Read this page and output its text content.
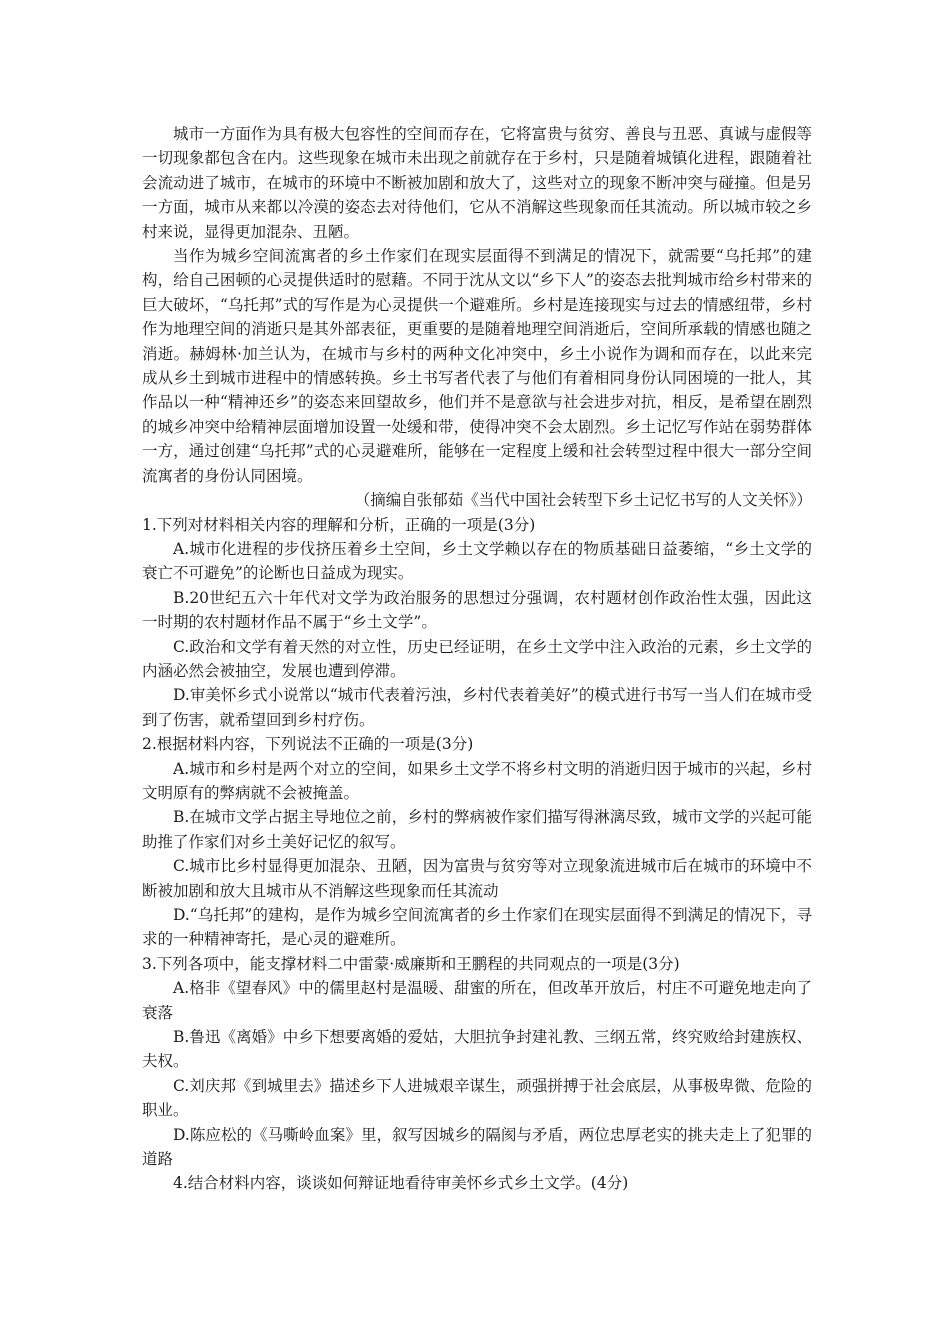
城市一方面作为具有极大包容性的空间而存在，它将富贵与贫穷、善良与丑恶、真诚与虚假等一切现象都包含在内。这些现象在城市未出现之前就存在于乡村，只是随着城镇化进程，跟随着社会流动进了城市，在城市的环境中不断被加剧和放大了，这些对立的现象不断冲突与碰撞。但是另一方面，城市从来都以冷漠的姿态去对待他们，它从不消解这些现象而任其流动。所以城市较之乡村来说，显得更加混杂、丑陋。

当作为城乡空间流寓者的乡土作家们在现实层面得不到满足的情况下，就需要“乌托邦”的建构，给自己困顿的心灵提供适时的慰藉。不同于沈从文以“乡下人”的姿态去批判城市给乡村带来的巨大破坏，“乌托邦”式的写作是为心灵提供一个避难所。乡村是连接现实与过去的情感纽带，乡村作为地理空间的消逝只是其外部表征，更重要的是随着地理空间消逝后，空间所承载的情感也随之消逝。赫姆林·加兰认为，在城市与乡村的两种文化冲突中，乡土小说作为调和而存在，以此来完成从乡土到城市进程中的情感转换。乡土书写者代表了与他们有着相同身份认同困境的一批人，其作品以一种“精神还乡”的姿态来回望故乡，他们并不是意欲与社会进步对抗，相反，是希望在剧烈的城乡冲突中给精神层面增加设置一处缓和带，使得冲突不会太剧烈。乡土记忆写作站在弱势群体一方，通过创建“乌托邦”式的心灵避难所，能够在一定程度上缓和社会转型过程中很大一部分空间流寓者的身份认同困境。

（摘编自张郁茹《当代中国社会转型下乡土记忆书写的人文关怀》）

1.下列对材料相关内容的理解和分析，正确的一项是(3分)

A.城市化进程的步伐挤压着乡土空间，乡土文学赖以存在的物质基础日益萎缩，“乡土文学的衰亡不可避免”的论断也日益成为现实。

B.20世纪五六十年代对文学为政治服务的思想过分强调，农村题材创作政治性太强，因此这一时期的农村题材作品不属于“乡土文学”。

C.政治和文学有着天然的对立性，历史已经证明，在乡土文学中注入政治的元素，乡土文学的内涵必然会被抽空，发展也遭到停滞。

D.审美怀乡式小说常以“城市代表着污浊，乡村代表着美好”的模式进行书写一当人们在城市受到了伤害，就希望回到乡村疗伤。

2.根据材料内容，下列说法不正确的一项是(3分)

A.城市和乡村是两个对立的空间，如果乡土文学不将乡村文明的消逝归因于城市的兴起，乡村文明原有的弊病就不会被掩盖。

B.在城市文学占据主导地位之前，乡村的弊病被作家们描写得淋漓尽致，城市文学的兴起可能助推了作家们对乡土美好记忆的叙写。

C.城市比乡村显得更加混杂、丑陋，因为富贵与贫穷等对立现象流进城市后在城市的环境中不断被加剧和放大且城市从不消解这些现象而任其流动

D.“乌托邦”的建构，是作为城乡空间流寓者的乡土作家们在现实层面得不到满足的情况下，寻求的一种精神寄托，是心灵的避难所。

3.下列各项中，能支撑材料二中雷蒙·威廉斯和王鹏程的共同观点的一项是(3分)

A.格非《望春风》中的儒里赵村是温暖、甜蜜的所在，但改革开放后，村庄不可避免地走向了衰落

B.鲁迅《离婚》中乡下想要离婚的爱姑，大胆抗争封建礼教、三纲五常，终究败给封建族权、夫权。

C.刘庆邦《到城里去》描述乡下人进城艰辛谋生，顽强拼搏于社会底层，从事极卑微、危险的职业。

D.陈应松的《马嘶岭血案》里，叙写因城乡的隔阂与矛盾，两位忠厚老实的挑夫走上了犯罪的道路

4.结合材料内容，谈谈如何辩证地看待审美怀乡式乡土文学。(4分)
